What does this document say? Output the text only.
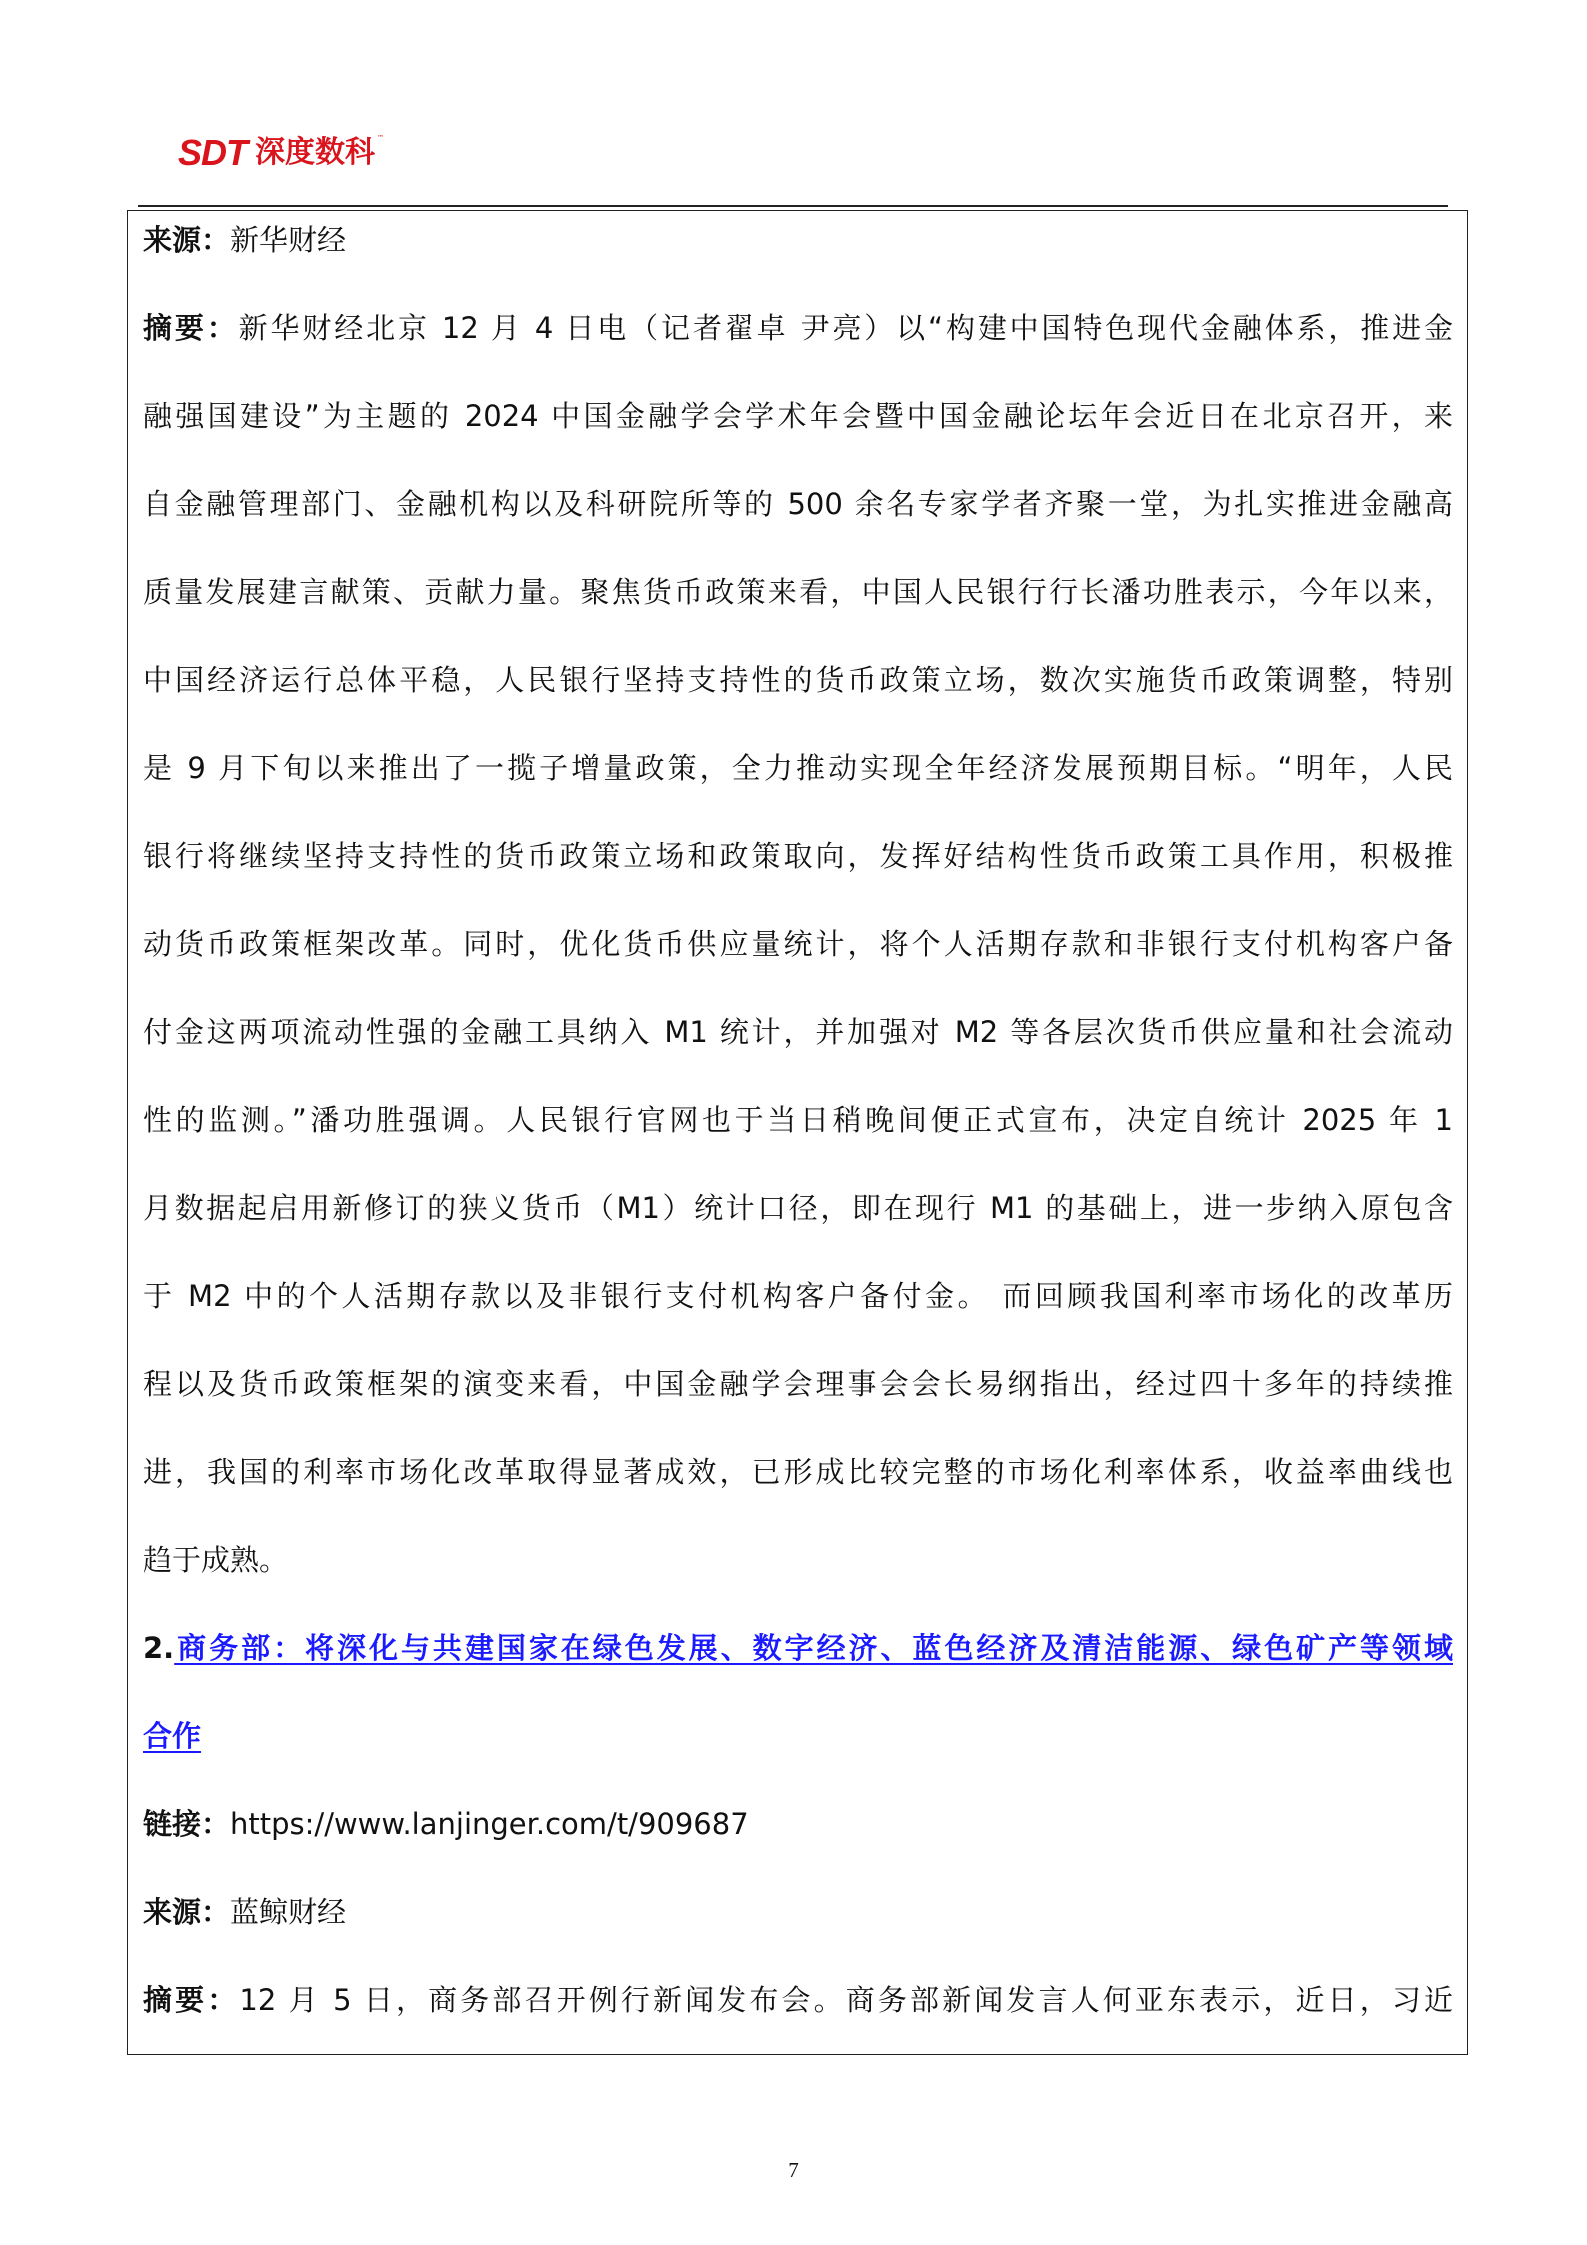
SDT 深度数科 ™
来源：新华财经
摘要：新华财经北京 12 月 4 日电（记者翟卓 尹亮）以“构建中国特色现代金融体系，推进金
融强国建设”为主题的 2024 中国金融学会学术年会暨中国金融论坛年会近日在北京召开，来
自金融管理部门、金融机构以及科研院所等的 500 余名专家学者齐聚一堂，为扎实推进金融高
质量发展建言献策、贡献力量。聚焦货币政策来看，中国人民银行行长潘功胜表示，今年以来，
中国经济运行总体平稳，人民银行坚持支持性的货币政策立场，数次实施货币政策调整，特别
是 9 月下旬以来推出了一揽子增量政策，全力推动实现全年经济发展预期目标。“明年，人民
银行将继续坚持支持性的货币政策立场和政策取向，发挥好结构性货币政策工具作用，积极推
动货币政策框架改革。同时，优化货币供应量统计，将个人活期存款和非银行支付机构客户备
付金这两项流动性强的金融工具纳入 M1 统计，并加强对 M2 等各层次货币供应量和社会流动
性的监测。”潘功胜强调。人民银行官网也于当日稍晚间便正式宣布，决定自统计 2025 年 1
月数据起启用新修订的狭义货币（M1）统计口径，即在现行 M1 的基础上，进一步纳入原包含
于 M2 中的个人活期存款以及非银行支付机构客户备付金。 而回顾我国利率市场化的改革历
程以及货币政策框架的演变来看，中国金融学会理事会会长易纲指出，经过四十多年的持续推
进，我国的利率市场化改革取得显著成效，已形成比较完整的市场化利率体系，收益率曲线也
趋于成熟。
2.商务部：将深化与共建国家在绿色发展、数字经济、蓝色经济及清洁能源、绿色矿产等领域
合作
链接：https://www.lanjinger.com/t/909687
来源：蓝鲸财经
摘要：12 月 5 日，商务部召开例行新闻发布会。商务部新闻发言人何亚东表示，近日，习近
7
